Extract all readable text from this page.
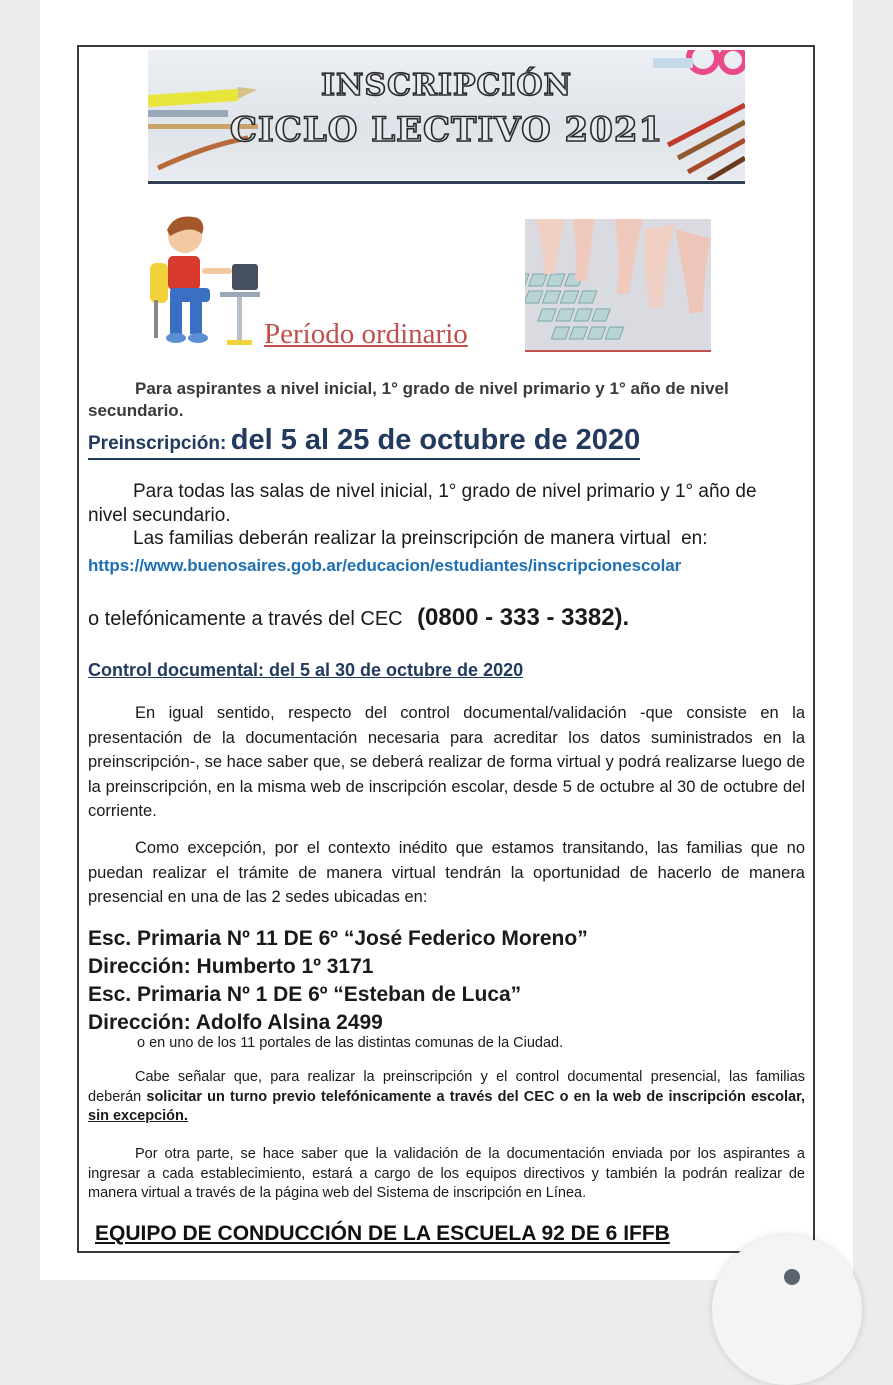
INSCRIPCIÓN
CICLO LECTIVO 2021
Período ordinario

Para aspirantes a nivel inicial, 1° grado de nivel primario y 1° año de nivel secundario.

Preinscripción: del 5 al 25 de octubre de 2020

Para todas las salas de nivel inicial, 1° grado de nivel primario y 1° año de nivel secundario.

Las familias deberán realizar la preinscripción de manera virtual  en:

https://www.buenosaires.gob.ar/educacion/estudiantes/inscripcionescolar
o telefónicamente a través del CEC (0800 - 333 - 3382).
Control documental: del 5 al 30 de octubre de 2020

En igual sentido, respecto del control documental/validación -que consiste en la presentación de la documentación necesaria para acreditar los datos suministrados en la preinscripción-, se hace saber que, se deberá realizar de forma virtual y podrá realizarse luego de la preinscripción, en la misma web de inscripción escolar, desde 5 de octubre al 30 de octubre del corriente.

Como excepción, por el contexto inédito que estamos transitando, las familias que no puedan realizar el trámite de manera virtual tendrán la oportunidad de hacerlo de manera presencial en una de las 2 sedes ubicadas en:

Esc. Primaria Nº 11 DE 6º “José Federico Moreno”
Dirección: Humberto 1º 3171
Esc. Primaria Nº 1 DE 6º “Esteban de Luca”
Dirección: Adolfo Alsina 2499
o en uno de los 11 portales de las distintas comunas de la Ciudad.

Cabe señalar que, para realizar la preinscripción y el control documental presencial, las familias deberán solicitar un turno previo telefónicamente a través del CEC o en la web de inscripción escolar, sin excepción.

Por otra parte, se hace saber que la validación de la documentación enviada por los aspirantes a ingresar a cada establecimiento, estará a cargo de los equipos directivos y también la podrán realizar de manera virtual a través de la página web del Sistema de inscripción en Línea.

EQUIPO DE CONDUCCIÓN DE LA ESCUELA 92 DE 6 IFFB
